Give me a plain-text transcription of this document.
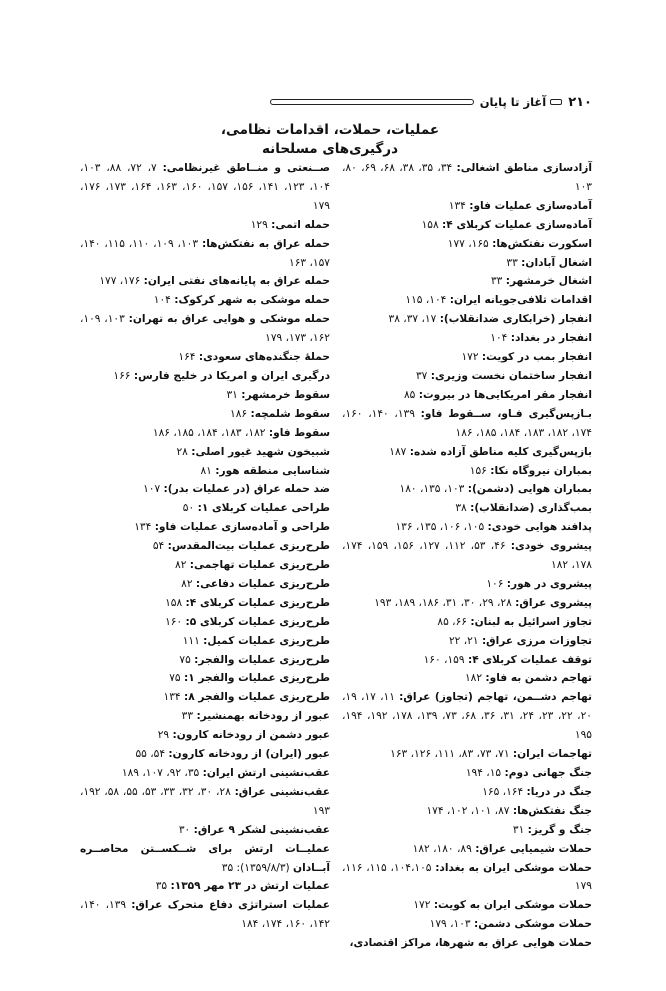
۲۱۰
آغاز تا پایان
عملیات، حملات، اقدامات نظامی،
درگیری‌های مسلحانه

آزادسازی مناطق اشغالی: ۳۴، ۳۵، ۳۸، ۶۸، ۶۹، ۸۰، ۱۰۳

آماده‌سازی عملیات فاو: ۱۳۴

آماده‌سازی عملیات کربلای ۴: ۱۵۸

اسکورت نفتکش‌ها: ۱۶۵، ۱۷۷

اشغال آبادان: ۳۳

اشغال خرمشهر: ۳۳

اقدامات تلافی‌جویانه ایران: ۱۰۴، ۱۱۵

انفجار (خرابکاری ضدانقلاب): ۱۷، ۳۷، ۳۸

انفجار در بغداد: ۱۰۴

انفجار بمب در کویت: ۱۷۲

انفجار ساختمان نخست وزیری: ۳۷

انفجار مقر امریکایی‌ها در بیروت: ۸۵

بـازپس‌گیری فـاو، ســقوط فاو: ۱۳۹، ۱۴۰، ۱۶۰، ۱۷۴، ۱۸۲، ۱۸۳، ۱۸۴، ۱۸۵، ۱۸۶

بازپس‌گیری کلیه مناطق آزاده شده: ۱۸۷

بمباران نیروگاه نکا: ۱۵۶

بمباران هوایی (دشمن): ۱۰۳، ۱۳۵، ۱۸۰

بمب‌گذاری (ضدانقلاب): ۳۸

پدافند هوایی خودی: ۱۰۵، ۱۰۶، ۱۳۵، ۱۳۶

پیشروی خودی: ۴۶، ۵۳، ۱۱۲، ۱۲۷، ۱۵۶، ۱۵۹، ۱۷۴، ۱۷۸، ۱۸۲

پیشروی در هور: ۱۰۶

پیشروی عراق: ۲۸، ۲۹، ۳۰، ۳۱، ۱۸۶، ۱۸۹، ۱۹۳

تجاوز اسرائیل به لبنان: ۶۶، ۸۵

تجاوزات مرزی عراق: ۲۱، ۲۲

توقف عملیات کربلای ۴: ۱۵۹، ۱۶۰

تهاجم دشمن به فاو: ۱۸۲

تهاجم دشــمن، تهاجم (تجاوز) عراق: ۱۱، ۱۷، ۱۹، ۲۰، ۲۲، ۲۳، ۲۴، ۳۱، ۳۶، ۶۸، ۷۳، ۱۳۹، ۱۷۸، ۱۹۲، ۱۹۴، ۱۹۵

تهاجمات ایران: ۷۱، ۷۳، ۸۳، ۱۱۱، ۱۲۶، ۱۶۳

جنگ جهانی دوم: ۱۵، ۱۹۴

جنگ در دریا: ۱۶۴، ۱۶۵

جنگ نفتکش‌ها: ۸۷، ۱۰۱، ۱۰۲، ۱۷۴

جنگ و گریز: ۳۱

حملات شیمیایی عراق: ۸۹، ۱۸۰، ۱۸۲

حملات موشکی ایران به بغداد: ۱۰۴،۱۰۵، ۱۱۵، ۱۱۶، ۱۷۹

حملات موشکی ایران به کویت: ۱۷۲

حملات موشکی دشمن: ۱۰۳، ۱۷۹

حملات هوایی عراق به شهرها، مراکز اقتصادی،

صــنعتی و منــاطق غیرنظامی: ۷، ۷۲، ۸۸، ۱۰۳، ۱۰۴، ۱۲۳، ۱۴۱، ۱۵۶، ۱۵۷، ۱۶۰، ۱۶۳، ۱۶۴، ۱۷۳، ۱۷۶، ۱۷۹

حمله اتمی: ۱۲۹

حمله عراق به نفتکش‌ها: ۱۰۳، ۱۰۹، ۱۱۰، ۱۱۵، ۱۴۰، ۱۵۷، ۱۶۳

حمله عراق به پایانه‌های نفتی ایران: ۱۷۶، ۱۷۷

حمله موشکی به شهر کرکوک: ۱۰۴

حمله موشکی و هوایی عراق به تهران: ۱۰۳، ۱۰۹، ۱۶۲، ۱۷۳، ۱۷۹

حملهٔ جنگنده‌های سعودی: ۱۶۴

درگیری ایران و امریکا در خلیج فارس: ۱۶۶

سقوط خرمشهر: ۳۱

سقوط شلمچه: ۱۸۶

سقوط فاو: ۱۸۲، ۱۸۳، ۱۸۴، ۱۸۵، ۱۸۶

شبیخون شهید غیور اصلی: ۲۸

شناسایی منطقه هور: ۸۱

ضد حمله عراق (در عملیات بدر): ۱۰۷

طراحی عملیات کربلای ۱: ۵۰

طراحی و آماده‌سازی عملیات فاو: ۱۳۴

طرح‌ریزی عملیات بیت‌المقدس: ۵۴

طرح‌ریزی عملیات تهاجمی: ۸۲

طرح‌ریزی عملیات دفاعی: ۸۲

طرح‌ریزی عملیات کربلای ۴: ۱۵۸

طرح‌ریزی عملیات کربلای ۵: ۱۶۰

طرح‌ریزی عملیات کمیل: ۱۱۱

طرح‌ریزی عملیات والفجر: ۷۵

طرح‌ریزی عملیات والفجر ۱: ۷۵

طرح‌ریزی عملیات والفجر ۸: ۱۳۴

عبور از رودخانه بهمنشیر: ۳۳

عبور دشمن از رودخانه کارون: ۲۹

عبور (ایران) از رودخانه کارون: ۵۴، ۵۵

عقب‌نشینی ارتش ایران: ۳۵، ۹۲، ۱۰۷، ۱۸۹

عقب‌نشینی عراق: ۲۸، ۳۰، ۳۲، ۳۳، ۵۳، ۵۵، ۵۸، ۱۹۲، ۱۹۳

عقب‌نشینی لشکر ۹ عراق: ۳۰

عملیــات ارتش برای شــکســتن محاصــره آبــادان (۱۳۵۹/۸/۳): ۳۵

عملیات ارتش در ۲۳ مهر ۱۳۵۹: ۳۵

عملیات استراتژی دفاع متحرک عراق: ۱۳۹، ۱۴۰، ۱۴۲، ۱۶۰، ۱۷۴، ۱۸۴
